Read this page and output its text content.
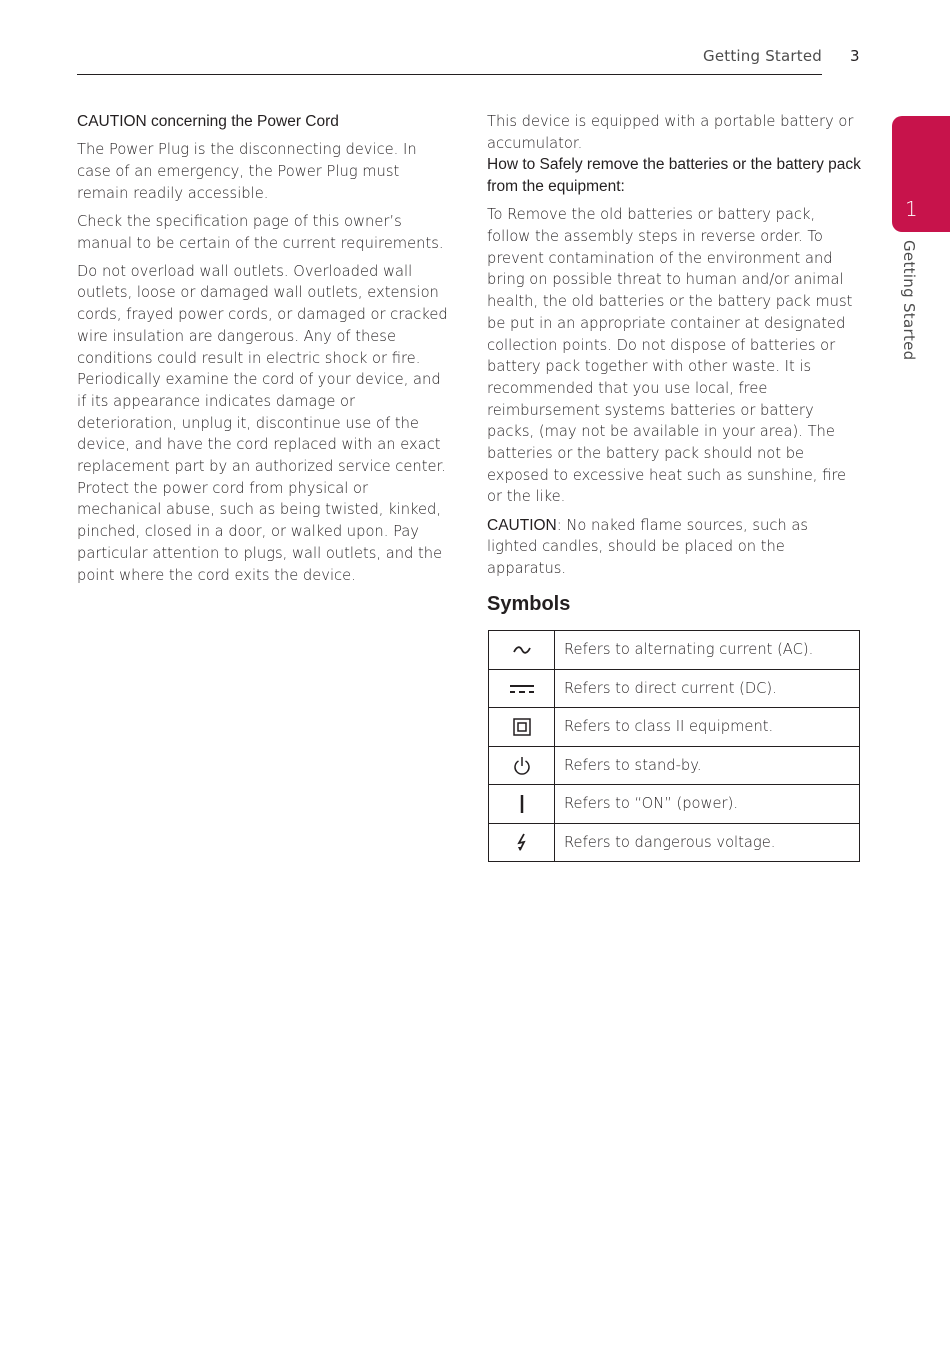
Getting Started 3

CAUTION concerning the Power Cord

The Power Plug is the disconnecting device. In case of an emergency, the Power Plug must remain readily accessible.

Check the specification page of this owner’s manual to be certain of the current requirements.

Do not overload wall outlets. Overloaded wall outlets, loose or damaged wall outlets, extension cords, frayed power cords, or damaged or cracked wire insulation are dangerous. Any of these conditions could result in electric shock or fire. Periodically examine the cord of your device, and if its appearance indicates damage or deterioration, unplug it, discontinue use of the device, and have the cord replaced with an exact replacement part by an authorized service center. Protect the power cord from physical or mechanical abuse, such as being twisted, kinked, pinched, closed in a door, or walked upon. Pay particular attention to plugs, wall outlets, and the point where the cord exits the device.

This device is equipped with a portable battery or accumulator.

How to Safely remove the batteries or the battery pack from the equipment:

To Remove the old batteries or battery pack, follow the assembly steps in reverse order. To prevent contamination of the environment and bring on possible threat to human and/or animal health, the old batteries or the battery pack must be put in an appropriate container at designated collection points. Do not dispose of batteries or battery pack together with other waste. It is recommended that you use local, free reimbursement systems batteries or battery packs, (may not be available in your area). The batteries or the battery pack should not be exposed to excessive heat such as sunshine, fire or the like.

CAUTION: No naked flame sources, such as lighted candles, should be placed on the apparatus.

Symbols
	Refers to alternating current (AC).

	Refers to direct current (DC).

	Refers to class II equipment.

	Refers to stand-by.

	Refers to “ON” (power).

	Refers to dangerous voltage.
1
Getting Started
